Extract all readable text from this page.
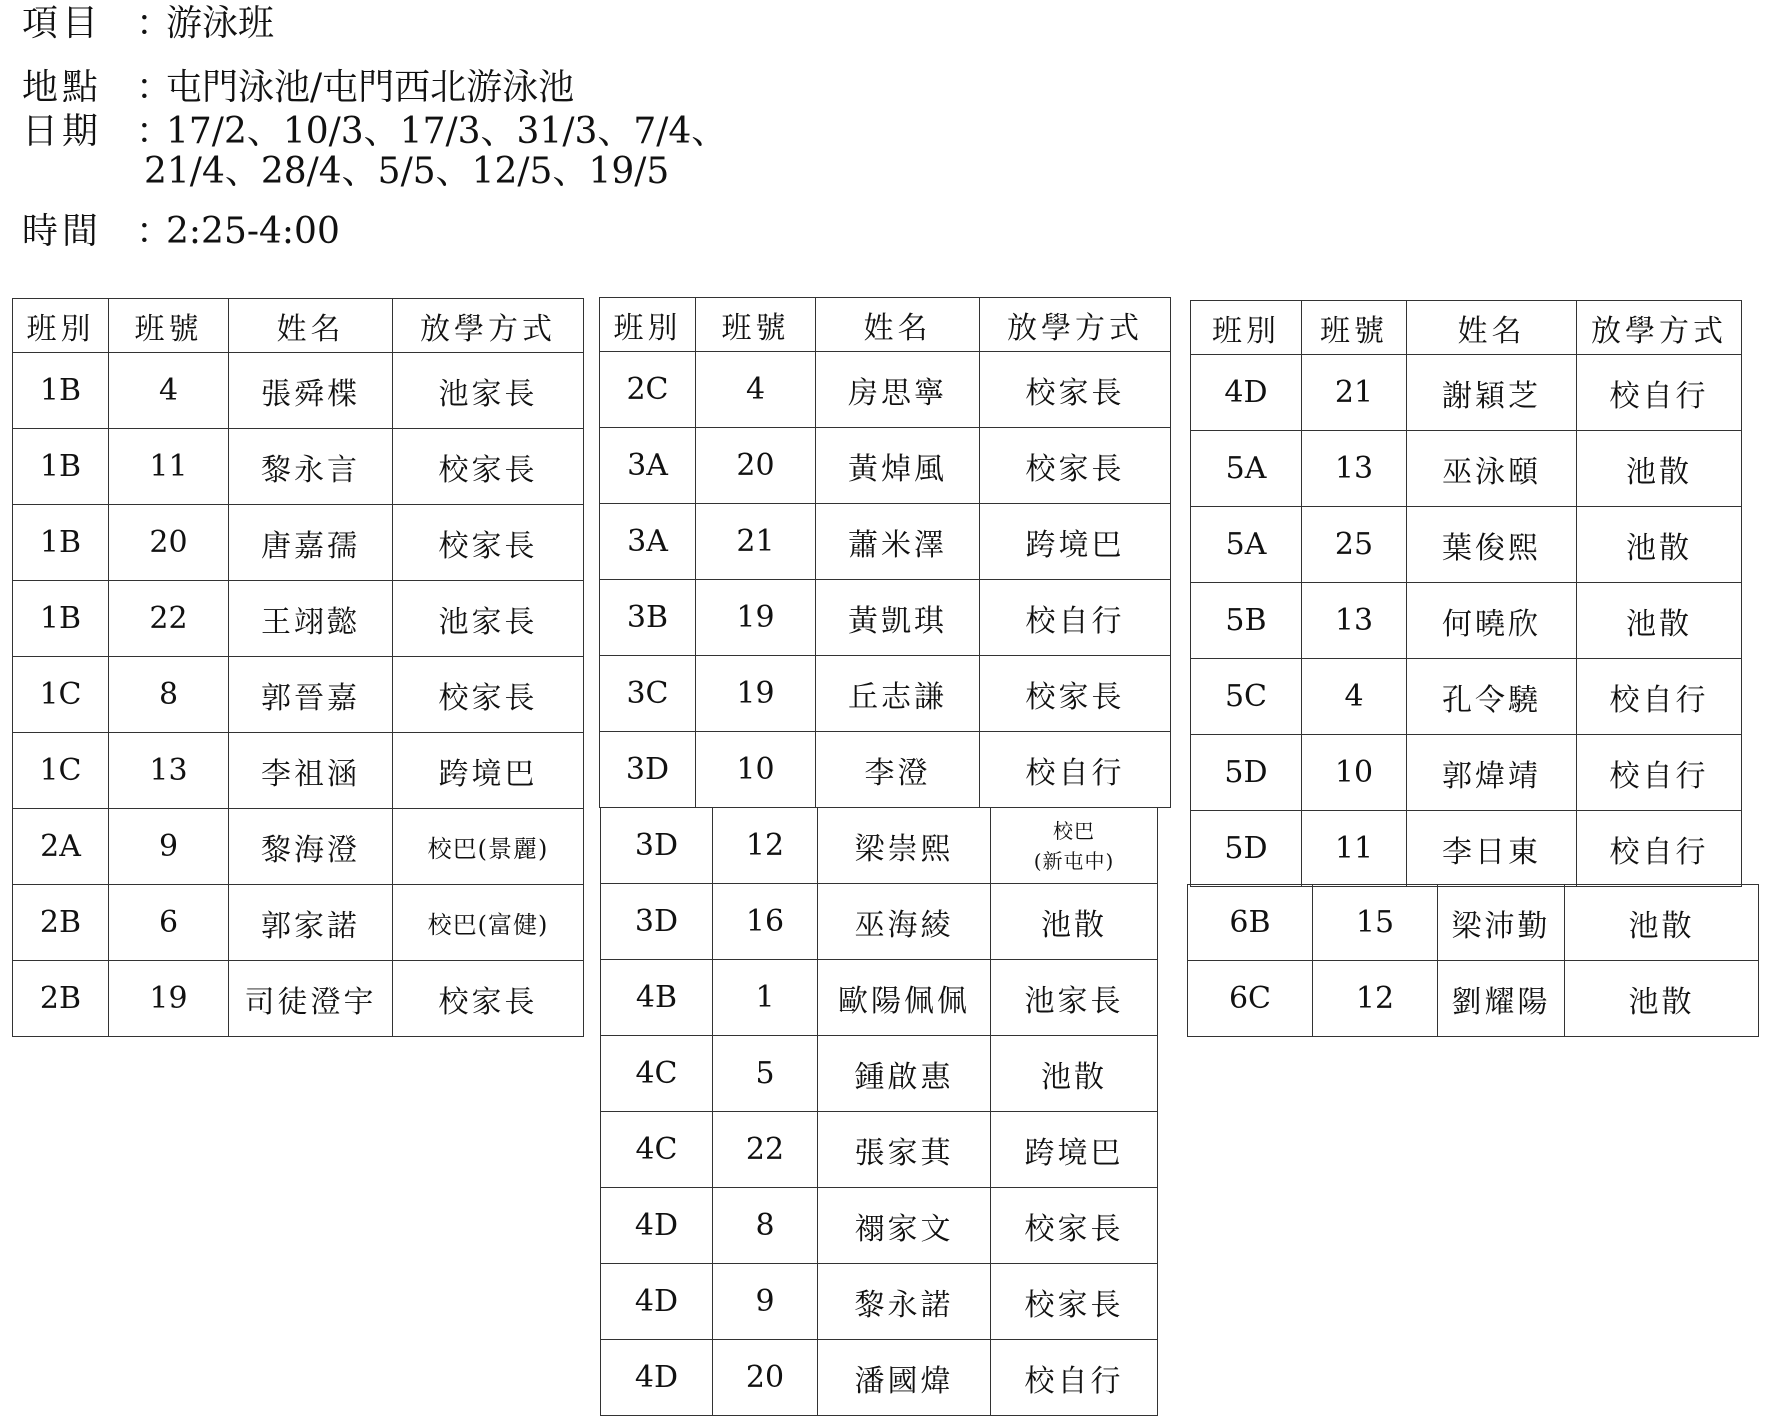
項目 ：游泳班
地點 ：屯門泳池/屯門西北游泳池
日期 ：17/2、10/3、17/3、31/3、7/4、
21/4、28/4、5/5、12/5、19/5
時間 ：2:25-4:00
班別	班號	姓名	放學方式
1B	4	張舜楪	池家長
1B	11	黎永言	校家長
1B	20	唐嘉孺	校家長
1B	22	王翊懿	池家長
1C	8	郭晉嘉	校家長
1C	13	李祖涵	跨境巴
2A	9	黎海澄	校巴(景麗)
2B	6	郭家諾	校巴(富健)
2B	19	司徒澄宇	校家長
班別	班號	姓名	放學方式
2C	4	房思寧	校家長
3A	20	黃焯風	校家長
3A	21	蕭米澤	跨境巴
3B	19	黃凱琪	校自行
3C	19	丘志謙	校家長
3D	10	李澄	校自行
3D	12	梁崇熙	校巴
(新屯中)

3D	16	巫海綾	池散
4B	1	歐陽佩佩	池家長
4C	5	鍾啟惠	池散
4C	22	張家萁	跨境巴
4D	8	禤家文	校家長
4D	9	黎永諾	校家長
4D	20	潘國煒	校自行
班別	班號	姓名	放學方式
4D	21	謝穎芝	校自行
5A	13	巫泳頤	池散
5A	25	葉俊熙	池散
5B	13	何曉欣	池散
5C	4	孔令驍	校自行
5D	10	郭煒靖	校自行
5D	11	李日東	校自行
6B	15	梁沛勤	池散
6C	12	劉耀陽	池散
